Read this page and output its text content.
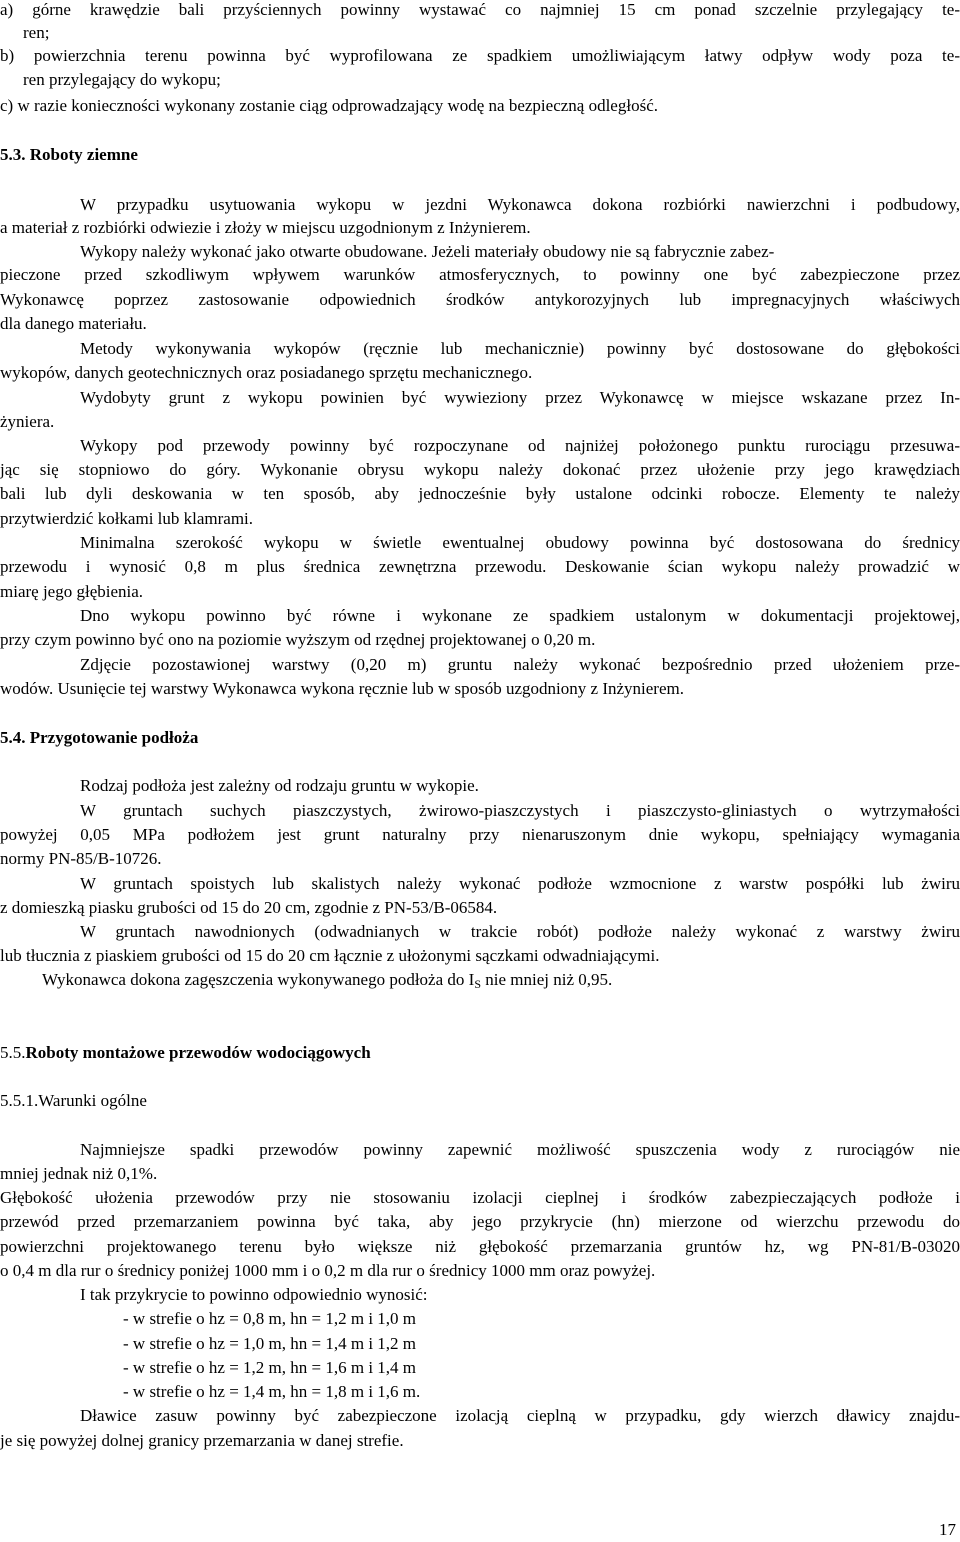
a) górne krawędzie bali przyściennych powinny wystawać co najmniej 15 cm ponad szczelnie przylegający te-
ren;
b) powierzchnia terenu powinna być wyprofilowana ze spadkiem umożliwiającym łatwy odpływ wody poza te-
ren przylegający do wykopu;
c) w razie konieczności wykonany zostanie ciąg odprowadzający wodę na bezpieczną odległość.
5.3. Roboty ziemne
W przypadku usytuowania wykopu w jezdni Wykonawca dokona rozbiórki nawierzchni i podbudowy,
a materiał z rozbiórki odwiezie i złoży w miejscu uzgodnionym z Inżynierem.
Wykopy należy wykonać jako otwarte obudowane. Jeżeli materiały obudowy nie są fabrycznie zabez-
pieczone przed szkodliwym wpływem warunków atmosferycznych, to powinny one być zabezpieczone przez
Wykonawcę poprzez zastosowanie odpowiednich środków antykorozyjnych lub impregnacyjnych właściwych
dla danego materiału.
Metody wykonywania wykopów (ręcznie lub mechanicznie) powinny być dostosowane do głębokości
wykopów, danych geotechnicznych oraz posiadanego sprzętu mechanicznego.
Wydobyty grunt z wykopu powinien być wywieziony przez Wykonawcę w miejsce wskazane przez In-
żyniera.
Wykopy pod przewody powinny być rozpoczynane od najniżej położonego punktu rurociągu przesuwa-
jąc się stopniowo do góry. Wykonanie obrysu wykopu należy dokonać przez ułożenie przy jego krawędziach
bali lub dyli deskowania w ten sposób, aby jednocześnie były ustalone odcinki robocze. Elementy te należy
przytwierdzić kołkami lub klamrami.
Minimalna szerokość wykopu w świetle ewentualnej obudowy powinna być dostosowana do średnicy
przewodu i wynosić 0,8 m plus średnica zewnętrzna przewodu. Deskowanie ścian wykopu należy prowadzić w
miarę jego głębienia.
Dno wykopu powinno być równe i wykonane ze spadkiem ustalonym w dokumentacji projektowej,
przy czym powinno być ono na poziomie wyższym od rzędnej projektowanej o 0,20 m.
Zdjęcie pozostawionej warstwy (0,20 m) gruntu należy wykonać bezpośrednio przed ułożeniem prze-
wodów. Usunięcie tej warstwy Wykonawca wykona ręcznie lub w sposób uzgodniony z Inżynierem.
5.4. Przygotowanie podłoża
Rodzaj podłoża jest zależny od rodzaju gruntu w wykopie.
W gruntach suchych piaszczystych, żwirowo-piaszczystych i piaszczysto-gliniastych o wytrzymałości
powyżej 0,05 MPa podłożem jest grunt naturalny przy nienaruszonym dnie wykopu, spełniający wymagania
normy PN-85/B-10726.
W gruntach spoistych lub skalistych należy wykonać podłoże wzmocnione z warstw pospółki lub żwiru
z domieszką piasku grubości od 15 do 20 cm, zgodnie z PN-53/B-06584.
W gruntach nawodnionych (odwadnianych w trakcie robót) podłoże należy wykonać z warstwy żwiru
lub tłucznia z piaskiem grubości od 15 do 20 cm łącznie z ułożonymi sączkami odwadniającymi.
Wykonawca dokona zagęszczenia wykonywanego podłoża do $I_S$ nie mniej niż 0,95.
5.5.Roboty montażowe przewodów wodociągowych
5.5.1.Warunki ogólne
Najmniejsze spadki przewodów powinny zapewnić możliwość spuszczenia wody z rurociągów nie
mniej jednak niż 0,1%.
Głębokość ułożenia przewodów przy nie stosowaniu izolacji cieplnej i środków zabezpieczających podłoże i
przewód przed przemarzaniem powinna być taka, aby jego przykrycie (hn) mierzone od wierzchu przewodu do
powierzchni projektowanego terenu było większe niż głębokość przemarzania gruntów hz, wg PN-81/B-03020
o 0,4 m dla rur o średnicy poniżej 1000 mm i o 0,2 m dla rur o średnicy 1000 mm oraz powyżej.
I tak przykrycie to powinno odpowiednio wynosić:
- w strefie o hz = 0,8 m, hn = 1,2 m i 1,0 m
- w strefie o hz = 1,0 m, hn = 1,4 m i 1,2 m
- w strefie o hz = 1,2 m, hn = 1,6 m i 1,4 m
- w strefie o hz = 1,4 m, hn = 1,8 m i 1,6 m.
Dławice zasuw powinny być zabezpieczone izolacją cieplną w przypadku, gdy wierzch dławicy znajdu-
je się powyżej dolnej granicy przemarzania w danej strefie.
17
